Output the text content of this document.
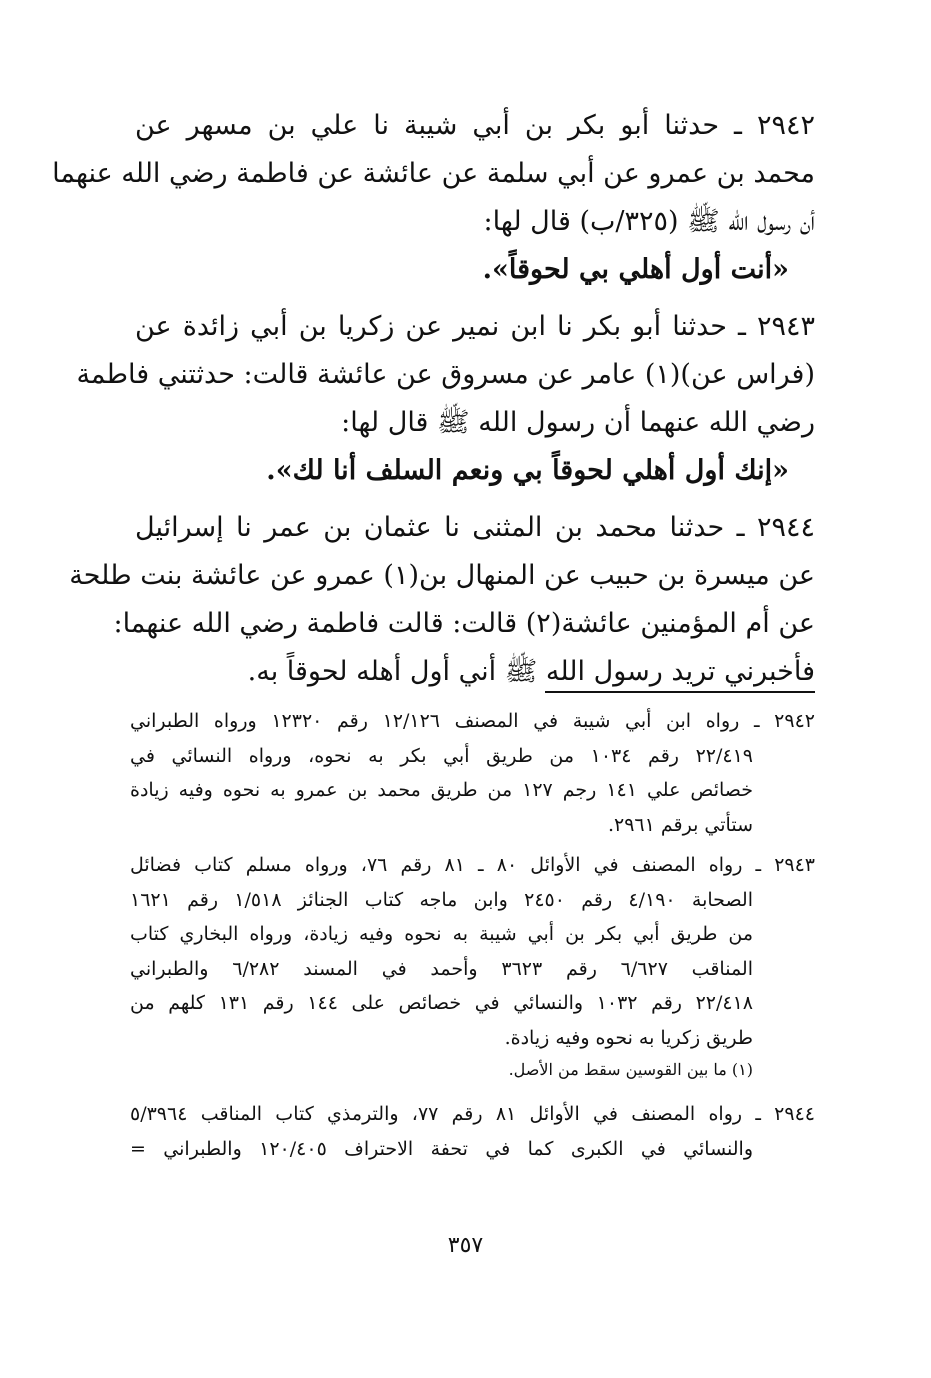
٢٩٤٢ ـ حدثنا أبو بكر بن أبي شيبة نا علي بن مسهر عن
محمد بن عمرو عن أبي سلمة عن عائشة عن فاطمة رضي الله عنهما
أن رسول الله ﷺ (٣٢٥/ب) قال لها:
«أنت أول أهلي بي لحوقاً».
٢٩٤٣ ـ حدثنا أبو بكر نا ابن نمير عن زكريا بن أبي زائدة عن
(فراس عن)(١) عامر عن مسروق عن عائشة قالت: حدثتني فاطمة
رضي الله عنهما أن رسول الله ﷺ قال لها:
«إنك أول أهلي لحوقاً بي ونعم السلف أنا لك».
٢٩٤٤ ـ حدثنا محمد بن المثنى نا عثمان بن عمر نا إسرائيل
عن ميسرة بن حبيب عن المنهال بن(١) عمرو عن عائشة بنت طلحة
عن أم المؤمنين عائشة(٢) قالت: قالت فاطمة رضي الله عنهما:
فأخبرني تريد رسول الله ﷺ أني أول أهله لحوقاً به.
٢٩٤٢ ـ رواه ابن أبي شيبة في المصنف ١٢/١٢٦ رقم ١٢٣٢٠ ورواه الطبراني
٢٢/٤١٩ رقم ١٠٣٤ من طريق أبي بكر به نحوه، ورواه النسائي في
خصائص علي ١٤١ رجم ١٢٧ من طريق محمد بن عمرو به نحوه وفيه زيادة
ستأتي برقم ٢٩٦١.
٢٩٤٣ ـ رواه المصنف في الأوائل ٨٠ ـ ٨١ رقم ٧٦، ورواه مسلم كتاب فضائل
الصحابة ٤/١٩٠ رقم ٢٤٥٠ وابن ماجه كتاب الجنائز ١/٥١٨ رقم ١٦٢١
من طريق أبي بكر بن أبي شيبة به نحوه وفيه زيادة، ورواه البخاري كتاب
المناقب ٦/٦٢٧ رقم ٣٦٢٣ وأحمد في المسند ٦/٢٨٢ والطبراني
٢٢/٤١٨ رقم ١٠٣٢ والنسائي في خصائص على ١٤٤ رقم ١٣١ كلهم من
طريق زكريا به نحوه وفيه زيادة.
(١) ما بين القوسين سقط من الأصل.
٢٩٤٤ ـ رواه المصنف في الأوائل ٨١ رقم ٧٧، والترمذي كتاب المناقب ٥/٣٩٦٤
والنسائي في الكبرى كما في تحفة الاحتراف ١٢٠/٤٠٥ والطبراني =
٣٥٧
